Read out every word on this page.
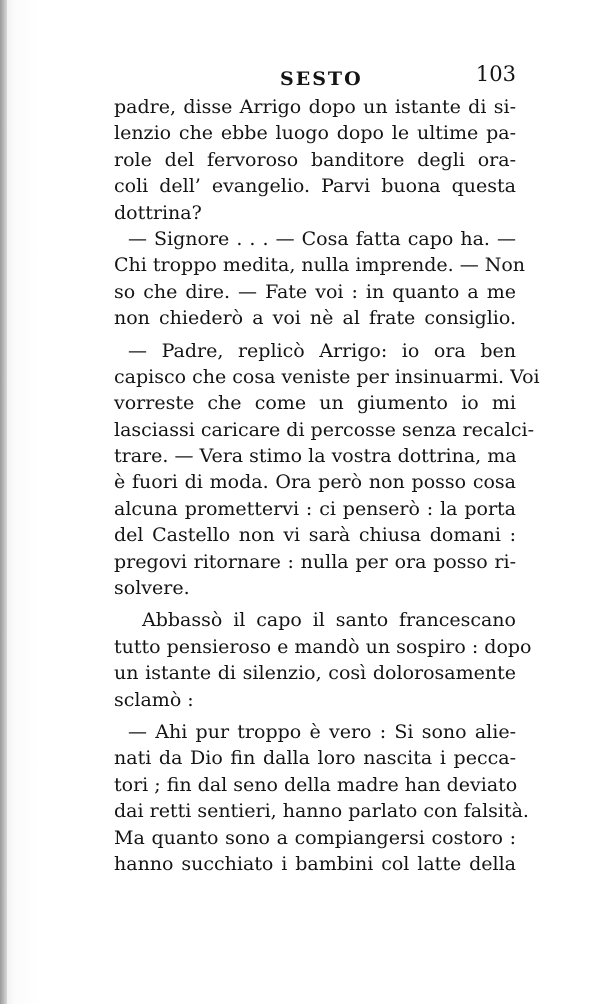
SESTO	103
padre, disse Arrigo dopo un istante di si-
lenzio che ebbe luogo dopo le ultime pa-
role del fervoroso banditore degli ora-
coli dell’ evangelio. Parvi buona questa
dottrina?
— Signore . . . — Cosa fatta capo ha. —
Chi troppo medita, nulla imprende. — Non
so che dire. — Fate voi : in quanto a me
non chiederò a voi nè al frate consiglio.
— Padre, replicò Arrigo: io ora ben
capisco che cosa veniste per insinuarmi. Voi
vorreste che come un giumento io mi
lasciassi caricare di percosse senza recalci-
trare. — Vera stimo la vostra dottrina, ma
è fuori di moda. Ora però non posso cosa
alcuna promettervi : ci penserò : la porta
del Castello non vi sarà chiusa domani :
pregovi ritornare : nulla per ora posso ri-
solvere.
Abbassò il capo il santo francescano
tutto pensieroso e mandò un sospiro : dopo
un istante di silenzio, così dolorosamente
sclamò :
— Ahi pur troppo è vero : Si sono alie-
nati da Dio fin dalla loro nascita i pecca-
tori ; fin dal seno della madre han deviato
dai retti sentieri, hanno parlato con falsità.
Ma quanto sono a compiangersi costoro :
hanno succhiato i bambini col latte della
